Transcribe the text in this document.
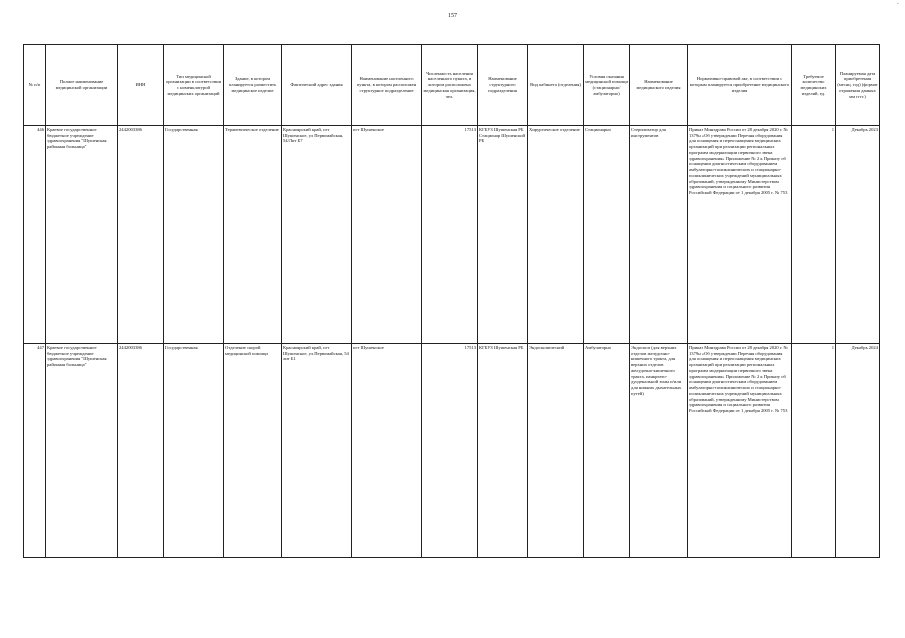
157
-
№ п/п	Полное наименование медицинской организации	ИНН	Тип медицинской организации в соответствии с номенклатурой медицинских организаций	Здание, в котором планируется разместить медицинское изделие	Фактический адрес здания	Наименование населенного пункта, в котором расположен структурное подразделение	Численность населения населенного пункта, в котором расположена медицинская организация, чел.	Наименование структурного подразделения	Вид кабинета (отделения)	Условия оказания медицинской помощи (стационарно/ амбулаторно)	Наименование медицинского изделия	Нормативно-правовой акт, в соответствии с которым планируется приобретение медицинского изделия	Требуемое количество медицинских изделий, ед.	Планируемая дата приобретения (месяц. год) (формат отражения данных мм гггг.)
446	Краевое государственное бюджетное учреждение здравоохранения "Шушенская районная больница"	2442003386	Государственная	Терапевтическое отделение	Красноярский край, пгт Шушенское, ул Первомайская, 54/Лит Б7	пгт Шушенское	17513	КГБУЗ Шушенская РБ Стационар Шушенской РБ	Хирургическое отделение	Стационарно	Стерилизатор для инструментов	Приказ Минздрава России от 28 декабря 2020 г. № 1379н «Об утверждении Перечня оборудования для оснащения и переоснащения медицинских организаций при реализации региональных программ модернизации первичного звена здравоохранения» Приложение № 2 к Приказу об оснащении диагностическим оборудованием амбулаторно-поликлинических и стационарно-поликлинических учреждений муниципальных образований, утвержденному Министерством здравоохранения и социального развития Российской Федерации от 1 декабря 2005 г. № 753	1	Декабрь 2023
447	Краевое государственное бюджетное учреждение здравоохранения "Шушенская районная больница"	2442003386	Государственная	Отделение скорой медицинской помощи	Красноярский край, пгт Шушенское, ул.Первомайская, 54 лит Б1	пгт Шушенское	17513	КГБУЗ Шушенская РБ	Эндоскопический	Амбулаторно	Эндоскоп (для верхних отделов желудочно-кишечного тракта, для верхних отделов желудочно-кишечного тракта, панкреато-дуоденальной зоны и/или для нижних дыхательных путей)	Приказ Минздрава России от 28 декабря 2020 г. № 1379н «Об утверждении Перечня оборудования для оснащения и переоснащения медицинских организаций при реализации региональных программ модернизации первичного звена здравоохранения» Приложение № 2 к Приказу об оснащении диагностическим оборудованием амбулаторно-поликлинических и стационарно-поликлинических учреждений муниципальных образований, утвержденному Министерством здравоохранения и социального развития Российской Федерации от 1 декабря 2005 г. № 753	1	Декабрь 2024
